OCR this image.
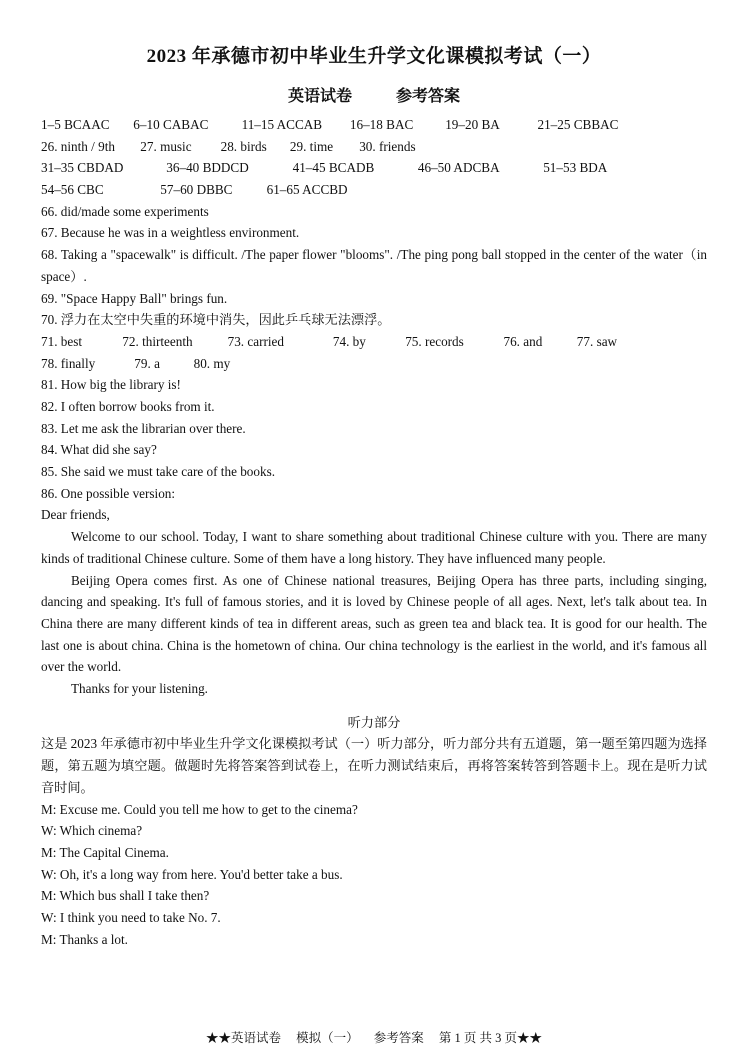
2023 年承德市初中毕业生升学文化课模拟考试（一）
英语试卷	参考答案
1–5 BCAAC 6–10 CABAC	11–15 ACCAB 16–18 BAC 19–20 BA	21–25 CBBAC
26. ninth / 9th 27. music 28. birds 29. time 30. friends
31–35 CBDAD	36–40 BDDCD	41–45 BCADB	46–50 ADCBA	51–53 BDA
54–56 CBC	57–60 DBBC	61–65 ACCBD
66. did/made some experiments
67. Because he was in a weightless environment.
68. Taking a "spacewalk" is difficult. /The paper flower "blooms". /The ping pong ball stopped in the center of the water（in space）.
69. "Space Happy Ball" brings fun.
70. 浮力在太空中失重的环境中消失，因此乒乓球无法漂浮。
71. best	72. thirteenth	73. carried	74. by	75. records	76. and	77. saw
78. finally	79. a	80. my
81. How big the library is!
82. I often borrow books from it.
83. Let me ask the librarian over there.
84. What did she say?
85. She said we must take care of the books.
86. One possible version:
Dear friends,
Welcome to our school. Today, I want to share something about traditional Chinese culture with you. There are many kinds of traditional Chinese culture. Some of them have a long history. They have influenced many people.
Beijing Opera comes first. As one of Chinese national treasures, Beijing Opera has three parts, including singing, dancing and speaking. It's full of famous stories, and it is loved by Chinese people of all ages. Next, let's talk about tea. In China there are many different kinds of tea in different areas, such as green tea and black tea. It is good for our health. The last one is about china. China is the hometown of china. Our china technology is the earliest in the world, and it's famous all over the world.
Thanks for your listening.
听力部分
这是 2023 年承德市初中毕业生升学文化课模拟考试（一）听力部分，听力部分共有五道题，第一题至第四题为选择题，第五题为填空题。做题时先将答案答到试卷上，在听力测试结束后，再将答案转答到答题卡上。现在是听力试音时间。
M: Excuse me. Could you tell me how to get to the cinema?
W: Which cinema?
M: The Capital Cinema.
W: Oh, it's a long way from here. You'd better take a bus.
M: Which bus shall I take then?
W: I think you need to take No. 7.
M: Thanks a lot.
★★英语试卷 模拟（一） 参考答案 第 1 页 共 3 页★★
